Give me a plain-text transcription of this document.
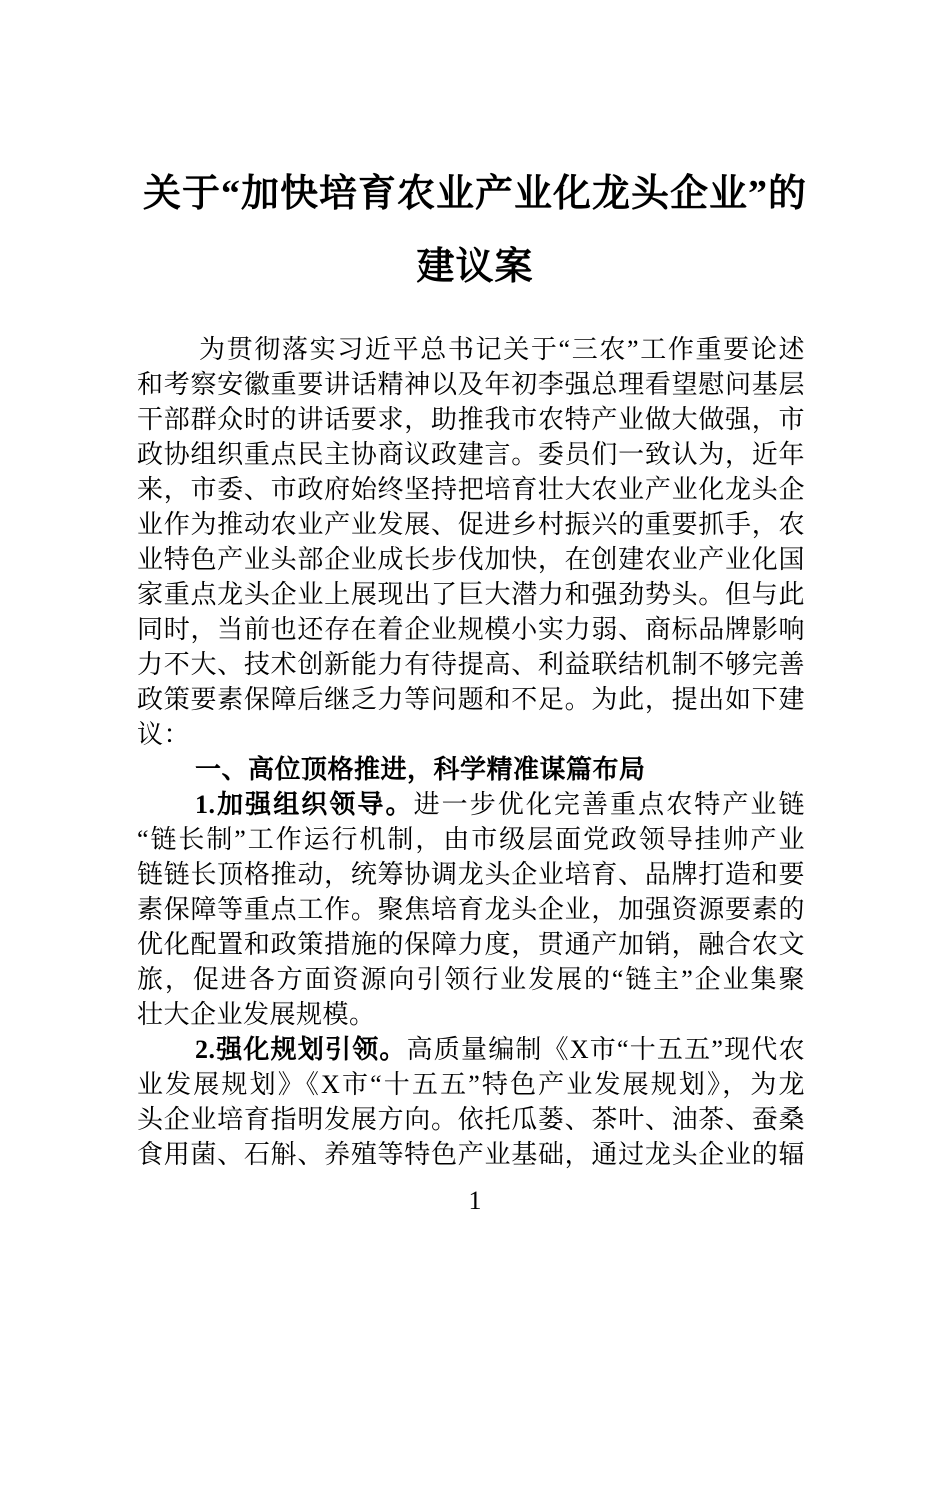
关于“加快培育农业产业化龙头企业”的
建议案
为贯彻落实习近平总书记关于“三农”工作重要论述
和考察安徽重要讲话精神以及年初李强总理看望慰问基层
干部群众时的讲话要求，助推我市农特产业做大做强，市
政协组织重点民主协商议政建言。委员们一致认为，近年
来，市委、市政府始终坚持把培育壮大农业产业化龙头企
业作为推动农业产业发展、促进乡村振兴的重要抓手，农
业特色产业头部企业成长步伐加快，在创建农业产业化国
家重点龙头企业上展现出了巨大潜力和强劲势头。但与此
同时，当前也还存在着企业规模小实力弱、商标品牌影响
力不大、技术创新能力有待提高、利益联结机制不够完善
政策要素保障后继乏力等问题和不足。为此，提出如下建
议：
一、高位顶格推进，科学精准谋篇布局
1.加强组织领导。进一步优化完善重点农特产业链
“链长制”工作运行机制，由市级层面党政领导挂帅产业
链链长顶格推动，统筹协调龙头企业培育、品牌打造和要
素保障等重点工作。聚焦培育龙头企业，加强资源要素的
优化配置和政策措施的保障力度，贯通产加销，融合农文
旅，促进各方面资源向引领行业发展的“链主”企业集聚
壮大企业发展规模。
2.强化规划引领。高质量编制《X市“十五五”现代农
业发展规划》《X市“十五五”特色产业发展规划》，为龙
头企业培育指明发展方向。依托瓜蒌、茶叶、油茶、蚕桑
食用菌、石斛、养殖等特色产业基础，通过龙头企业的辐
1
